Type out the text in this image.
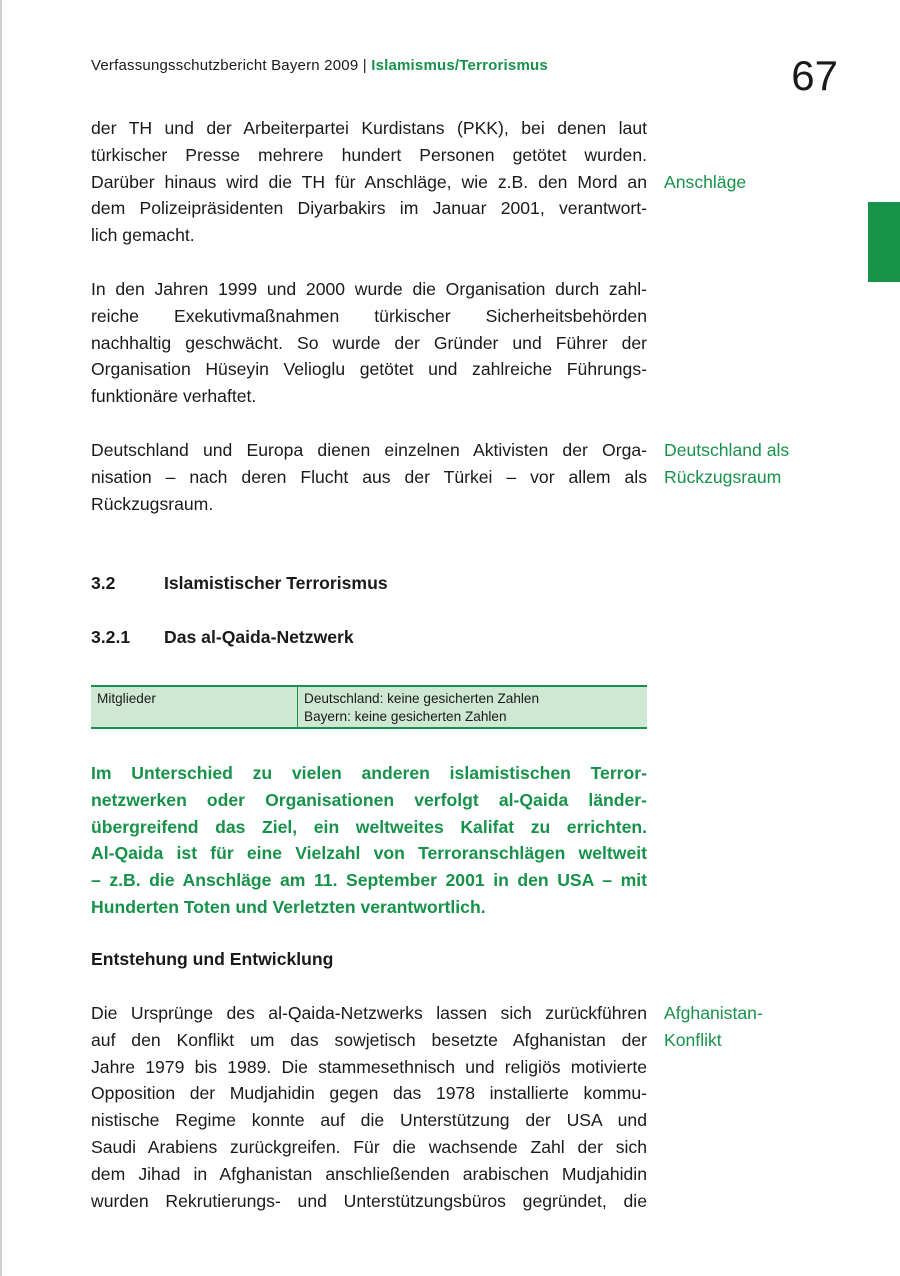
Verfassungsschutzbericht Bayern 2009 | Islamismus/Terrorismus	67
der TH und der Arbeiterpartei Kurdistans (PKK), bei denen laut
türkischer Presse mehrere hundert Personen getötet wurden.
Darüber hinaus wird die TH für Anschläge, wie z.B. den Mord an
dem Polizeipräsidenten Diyarbakirs im Januar 2001, verantwort-
lich gemacht.
Anschläge
In den Jahren 1999 und 2000 wurde die Organisation durch zahl-
reiche Exekutivmaßnahmen türkischer Sicherheitsbehörden
nachhaltig geschwächt. So wurde der Gründer und Führer der
Organisation Hüseyin Velioglu getötet und zahlreiche Führungs-
funktionäre verhaftet.
Deutschland und Europa dienen einzelnen Aktivisten der Orga-
nisation – nach deren Flucht aus der Türkei – vor allem als
Rückzugsraum.
Deutschland als
Rückzugsraum
3.2	Islamistischer Terrorismus
3.2.1 Das al-Qaida-Netzwerk
Mitglieder	Deutschland: keine gesicherten Zahlen
Bayern: keine gesicherten Zahlen
Im Unterschied zu vielen anderen islamistischen Terror-
netzwerken oder Organisationen verfolgt al-Qaida länder-
übergreifend das Ziel, ein weltweites Kalifat zu errichten.
Al-Qaida ist für eine Vielzahl von Terroranschlägen weltweit
– z.B. die Anschläge am 11. September 2001 in den USA – mit
Hunderten Toten und Verletzten verantwortlich.
Entstehung und Entwicklung
Die Ursprünge des al-Qaida-Netzwerks lassen sich zurückführen
auf den Konflikt um das sowjetisch besetzte Afghanistan der
Jahre 1979 bis 1989. Die stammesethnisch und religiös motivierte
Opposition der Mudjahidin gegen das 1978 installierte kommu-
nistische Regime konnte auf die Unterstützung der USA und
Saudi Arabiens zurückgreifen. Für die wachsende Zahl der sich
dem Jihad in Afghanistan anschließenden arabischen Mudjahidin
wurden Rekrutierungs- und Unterstützungsbüros gegründet, die
Afghanistan-
Konflikt
